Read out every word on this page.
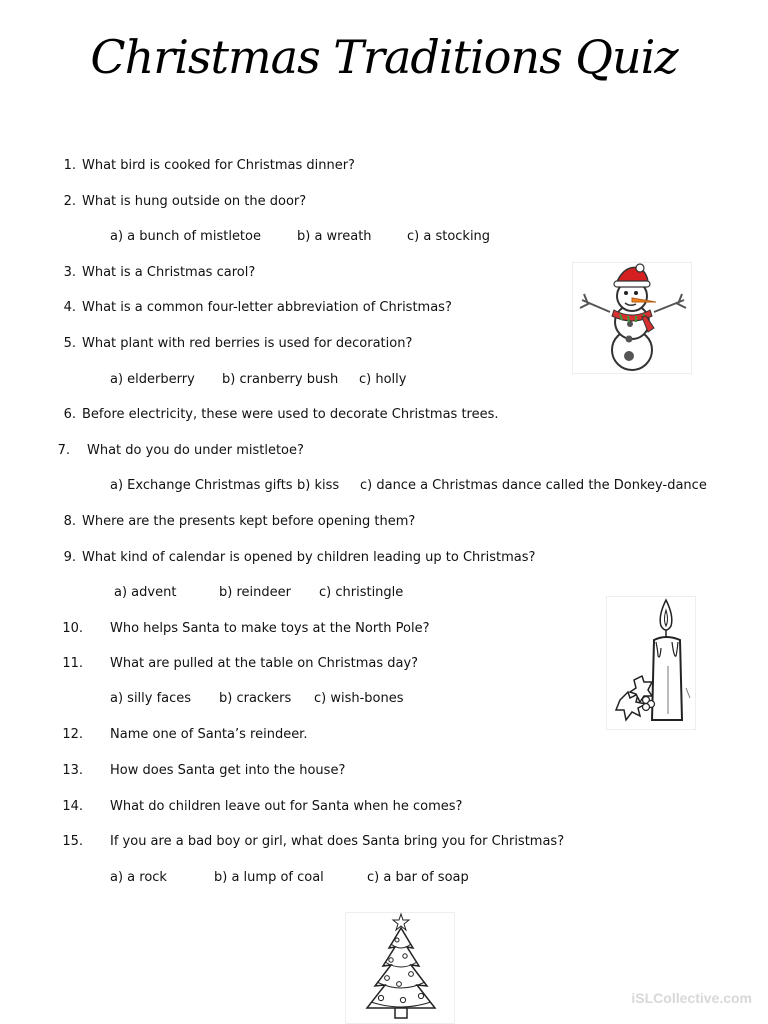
Christmas Traditions Quiz
1. What bird is cooked for Christmas dinner?
2. What is hung outside on the door?
a) a bunch of mistletoe	b) a wreath	c) a stocking
3. What is a Christmas carol?
4. What is a common four-letter abbreviation of Christmas?
5. What plant with red berries is used for decoration?
a) elderberry b) cranberry bush c) holly
6. Before electricity, these were used to decorate Christmas trees.
7. What do you do under mistletoe?
a) Exchange Christmas gifts b) kiss c) dance a Christmas dance called the Donkey-dance
8. Where are the presents kept before opening them?
9. What kind of calendar is opened by children leading up to Christmas?
a) advent	b) reindeer c) christingle
10. Who helps Santa to make toys at the North Pole?
11. What are pulled at the table on Christmas day?
a) silly faces b) crackers c) wish-bones
12. Name one of Santa’s reindeer.
13. How does Santa get into the house?
14. What do children leave out for Santa when he comes?
15. If you are a bad boy or girl, what does Santa bring you for Christmas?
a) a rock	b) a lump of coal	c) a bar of soap
iSLCollective.com
